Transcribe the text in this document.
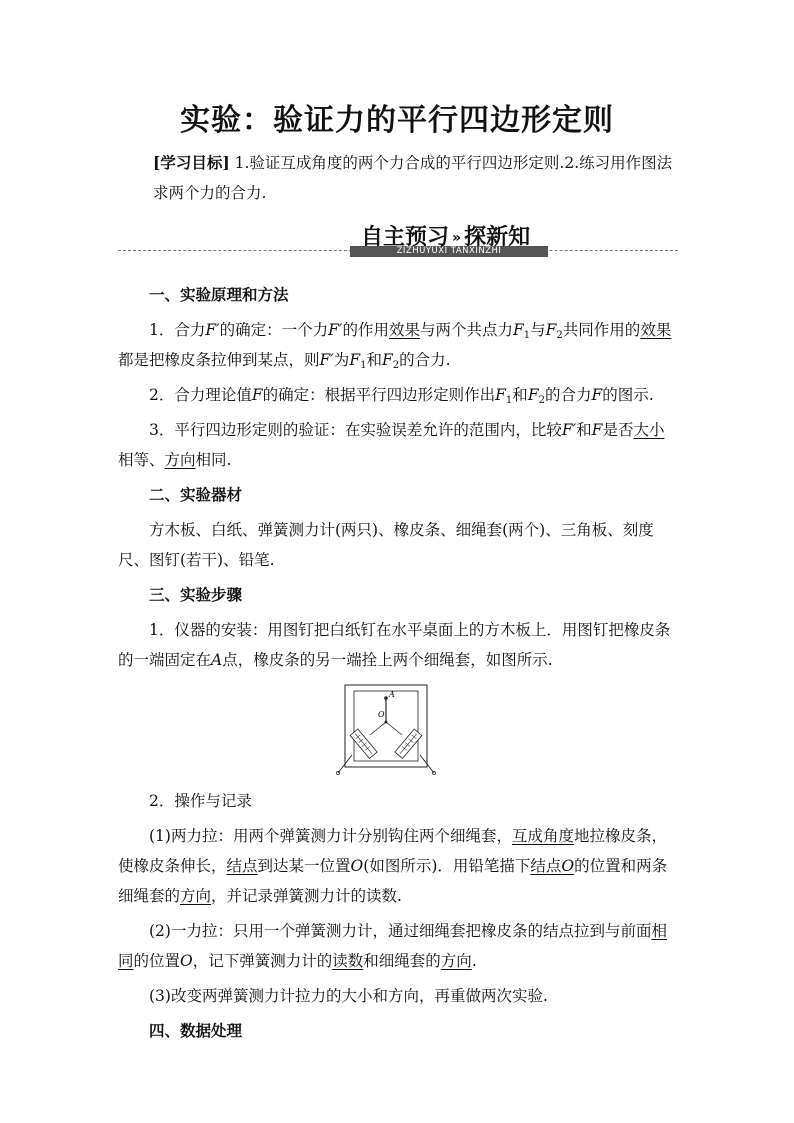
实验：验证力的平行四边形定则
[学习目标] 1.验证互成角度的两个力合成的平行四边形定则.2.练习用作图法求两个力的合力.
ZIZHUYUXI TANXINZHI
自主预习 » 探新知

一、实验原理和方法

1．合力F′的确定：一个力F′的作用效果与两个共点力$F_1$与$F_2$共同作用的效果都是把橡皮条拉伸到某点，则F′为$F_1$和$F_2$的合力.

2．合力理论值F的确定：根据平行四边形定则作出$F_1$和$F_2$的合力F的图示.

3．平行四边形定则的验证：在实验误差允许的范围内，比较F′和F是否大小相等、方向相同.

二、实验器材

方木板、白纸、弹簧测力计(两只)、橡皮条、细绳套(两个)、三角板、刻度尺、图钉(若干)、铅笔.

三、实验步骤

1．仪器的安装：用图钉把白纸钉在水平桌面上的方木板上．用图钉把橡皮条的一端固定在A点，橡皮条的另一端拴上两个细绳套，如图所示.

A
O

2．操作与记录

(1)两力拉：用两个弹簧测力计分别钩住两个细绳套，互成角度地拉橡皮条，使橡皮条伸长，结点到达某一位置O(如图所示)．用铅笔描下结点O的位置和两条细绳套的方向，并记录弹簧测力计的读数.

(2)一力拉：只用一个弹簧测力计，通过细绳套把橡皮条的结点拉到与前面相同的位置O，记下弹簧测力计的读数和细绳套的方向.

(3)改变两弹簧测力计拉力的大小和方向，再重做两次实验.

四、数据处理
